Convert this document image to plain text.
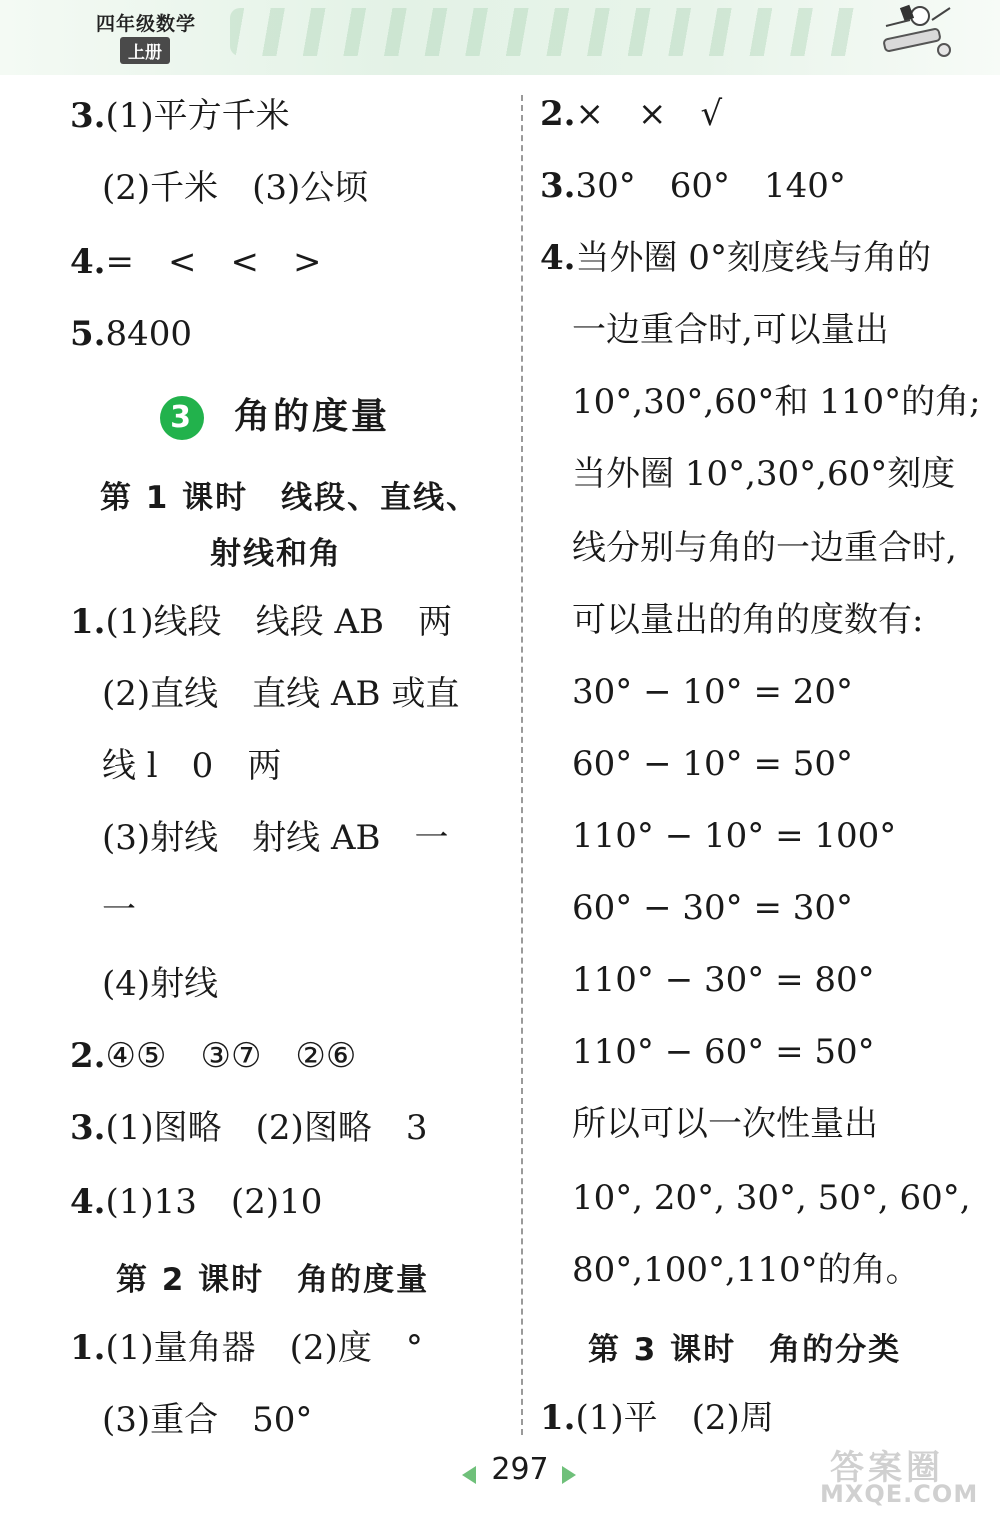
四年级数学
上册
3.(1)平方千米
(2)千米　(3)公顷
4.=　<　<　>
5.8400
3 角的度量
第 1 课时　线段、直线、
射线和角
1.(1)线段　线段 AB　两
(2)直线　直线 AB 或直
线 l　0　两
(3)射线　射线 AB　一
一
(4)射线
2.④⑤　③⑦　②⑥
3.(1)图略　(2)图略　3
4.(1)13　(2)10
第 2 课时　角的度量
1.(1)量角器　(2)度　°
(3)重合　50°
2.×　×　√
3.30°　60°　140°
4.当外圈 0°刻度线与角的
一边重合时,可以量出
10°,30°,60°和 110°的角;
当外圈 10°,30°,60°刻度
线分别与角的一边重合时,
可以量出的角的度数有:
30° − 10° = 20°
60° − 10° = 50°
110° − 10° = 100°
60° − 30° = 30°
110° − 30° = 80°
110° − 60° = 50°
所以可以一次性量出
10°, 20°, 30°, 50°, 60°,
80°,100°,110°的角。
第 3 课时　角的分类
1.(1)平　(2)周
297	答案圈
MXQE.COM
